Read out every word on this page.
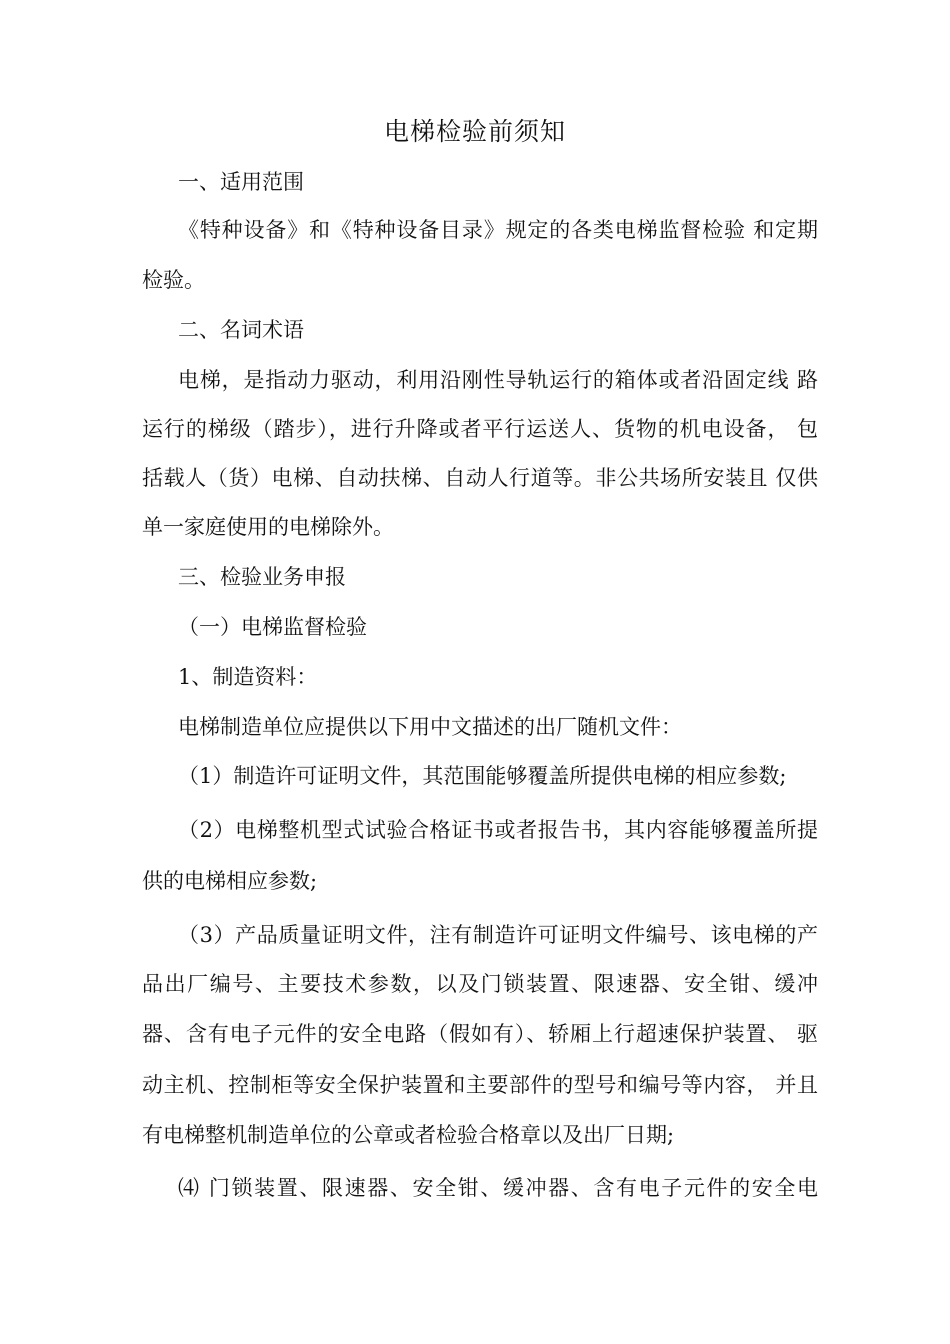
电梯检验前须知
一、适用范围
《特种设备》和《特种设备目录》规定的各类电梯监督检验 和定期
检验。
二、名词术语
电梯，是指动力驱动，利用沿刚性导轨运行的箱体或者沿固定线 路
运行的梯级（踏步），进行升降或者平行运送人、货物的机电设备， 包
括载人（货）电梯、自动扶梯、自动人行道等。非公共场所安装且 仅供
单一家庭使用的电梯除外。
三、检验业务申报
（一）电梯监督检验
1、制造资料：
电梯制造单位应提供以下用中文描述的出厂随机文件：
（1）制造许可证明文件，其范围能够覆盖所提供电梯的相应参数;
（2）电梯整机型式试验合格证书或者报告书，其内容能够覆盖所提
供的电梯相应参数;
（3）产品质量证明文件，注有制造许可证明文件编号、该电梯的产
品出厂编号、主要技术参数，以及门锁装置、限速器、安全钳、缓冲
器、含有电子元件的安全电路（假如有）、轿厢上行超速保护装置、 驱
动主机、控制柜等安全保护装置和主要部件的型号和编号等内容， 并且
有电梯整机制造单位的公章或者检验合格章以及出厂日期;
⑷ 门锁装置、限速器、安全钳、缓冲器、含有电子元件的安全电
